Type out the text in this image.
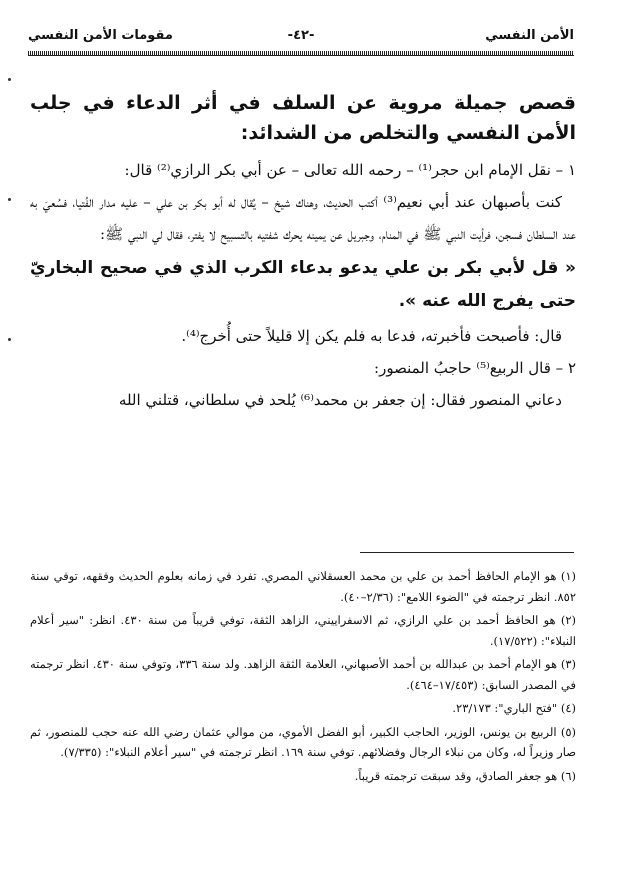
الأمن النفسي
-٤٢-
مقومات الأمن النفسي

قصص جميلة مروية عن السلف في أثر الدعاء في جلب الأمن النفسي والتخلص من الشدائد:

١ – نقل الإمام ابن حجر⁽¹⁾ – رحمه الله تعالى – عن أبي بكر الرازي⁽²⁾ قال:

كنت بأصبهان عند أبي نعيم⁽³⁾ أكتب الحديث، وهناك شيخ – يُقال له أبو بكر بن علي – عليه مدار الفُتيا، فسُعيَ به عند السلطان فسجن، فرأيت النبي ﷺ في المنام، وجبريل عن يمينه يحرك شفتيه بالتسبيح لا يفتر، فقال لي النبي ﷺ:

« قل لأبي بكر بن علي يدعو بدعاء الكرب الذي في صحيح البخاريّ حتى يفرج الله عنه ».

قال: فأصبحت فأخبرته، فدعا به فلم يكن إلا قليلاً حتى أُخرج⁽⁴⁾.

٢ – قال الربيع⁽⁵⁾ حاجبُ المنصور:

دعاني المنصور فقال: إن جعفر بن محمد⁽⁶⁾ يُلحد في سلطاني، قتلني الله

(١) هو الإمام الحافظ أحمد بن علي بن محمد العسقلاني المصري. تفرد في زمانه بعلوم الحديث وفقهه، توفي سنة ٨٥٢. انظر ترجمته في "الضوء اللامع": (٢/٣٦–٤٠).

(٢) هو الحافظ أحمد بن علي الرازي، ثم الاسفراييني، الزاهد الثقة، توفي قريباً من سنة ٤٣٠. انظر: "سير أعلام النبلاء": (١٧/٥٢٢).

(٣) هو الإمام أحمد بن عبدالله بن أحمد الأصبهاني، العلامة الثقة الزاهد. ولد سنة ٣٣٦، وتوفي سنة ٤٣٠. انظر ترجمته في المصدر السابق: (١٧/٤٥٣–٤٦٤).

(٤) "فتح الباري": ٢٣/١٧٣.

(٥) الربيع بن يونس، الوزير، الحاجب الكبير، أبو الفضل الأموي، من موالي عثمان رضي الله عنه حجب للمنصور، ثم صار وزيراً له، وكان من نبلاء الرجال وفضلائهم. توفي سنة ١٦٩. انظر ترجمته في "سير أعلام النبلاء": (٧/٣٣٥).

(٦) هو جعفر الصادق، وقد سبقت ترجمته قريباً.
